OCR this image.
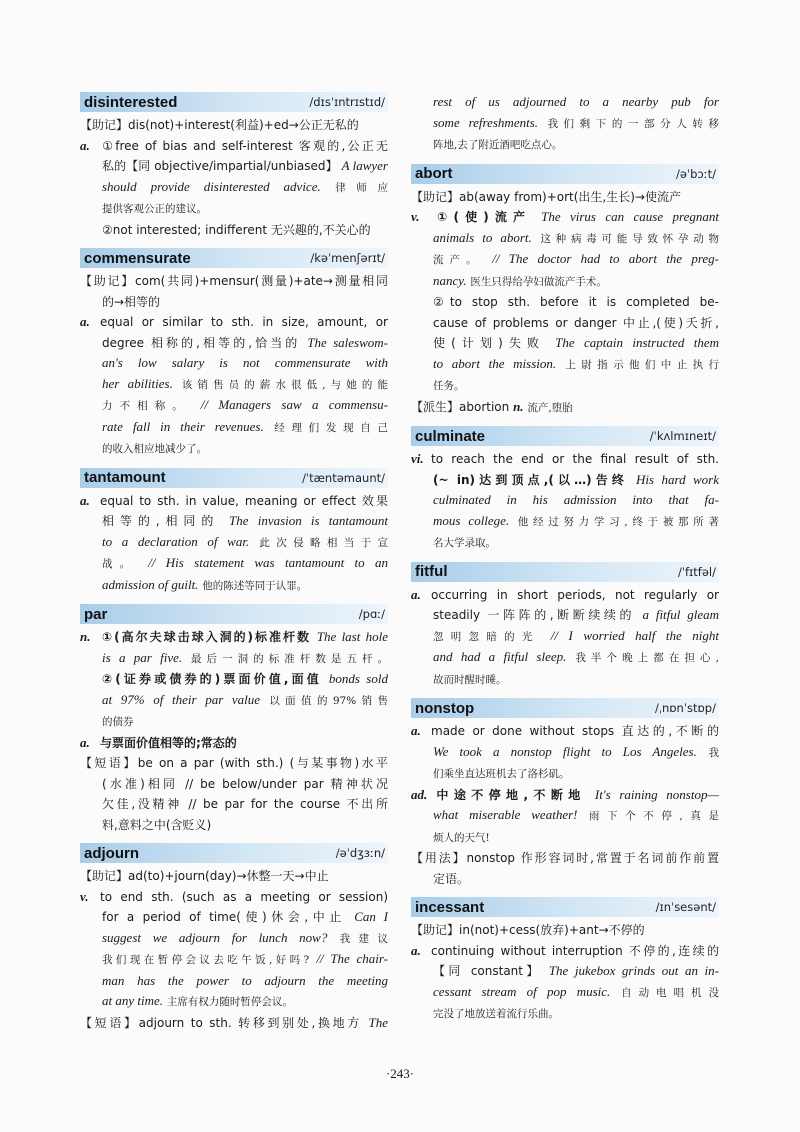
disinterested	/dɪsˈɪntrɪstɪd/
【助记】dis(not)+interest(利益)+ed→公正无私的
a. ①free of bias and self-interest 客观的,公正无
私的【同 objective/impartial/unbiased】 A lawyer
should provide disinterested advice. 律师应
提供客观公正的建议。
②not interested; indifferent 无兴趣的,不关心的
commensurate	/kəˈmenʃərɪt/
【助记】com(共同)+mensur(测量)+ate→测量相同
的→相等的
a. equal or similar to sth. in size, amount, or
degree 相称的,相等的,恰当的 The saleswom-
an's low salary is not commensurate with
her abilities. 该销售员的薪水很低,与她的能
力不相称。 // Managers saw a commensu-
rate fall in their revenues. 经理们发现自己
的收入相应地减少了。
tantamount	/ˈtæntəmaunt/
a. equal to sth. in value, meaning or effect 效果
相等的,相同的 The invasion is tantamount
to a declaration of war. 此次侵略相当于宣
战。 // His statement was tantamount to an
admission of guilt. 他的陈述等同于认罪。
par	/pɑː/
n. ①(高尔夫球击球入洞的)标准杆数 The last hole
is a par five. 最后一洞的标准杆数是五杆。
②(证券或债券的)票面价值,面值 bonds sold
at 97% of their par value 以面值的97%销售
的债券
a. 与票面价值相等的;常态的
【短语】be on a par (with sth.) (与某事物)水平
(水准)相同 // be below/under par 精神状况
欠佳,没精神 // be par for the course 不出所
料,意料之中(含贬义)
adjourn	/əˈdʒɜːn/
【助记】ad(to)+journ(day)→休整一天→中止
v. to end sth. (such as a meeting or session)
for a period of time(使)休会,中止 Can I
suggest we adjourn for lunch now? 我建议
我们现在暂停会议去吃午饭,好吗? // The chair-
man has the power to adjourn the meeting
at any time. 主席有权力随时暂停会议。
【短语】adjourn to sth. 转移到别处,换地方 The
rest of us adjourned to a nearby pub for
some refreshments. 我们剩下的一部分人转移
阵地,去了附近酒吧吃点心。
abort	/əˈbɔːt/
【助记】ab(away from)+ort(出生,生长)→使流产
v. ①(使)流产 The virus can cause pregnant
animals to abort. 这种病毒可能导致怀孕动物
流产。 // The doctor had to abort the preg-
nancy. 医生只得给孕妇做流产手术。
②to stop sth. before it is completed be-
cause of problems or danger 中止,(使)夭折,
使(计划)失败 The captain instructed them
to abort the mission. 上尉指示他们中止执行
任务。
【派生】abortion n. 流产,堕胎
culminate	/ˈkʌlmɪneɪt/
vi. to reach the end or the final result of sth.
(~ in)达到顶点,(以…)告终 His hard work
culminated in his admission into that fa-
mous college. 他经过努力学习,终于被那所著
名大学录取。
fitful	/ˈfɪtfəl/
a. occurring in short periods, not regularly or
steadily 一阵阵的,断断续续的 a fitful gleam
忽明忽暗的光 // I worried half the night
and had a fitful sleep. 我半个晚上都在担心,
故而时醒时睡。
nonstop	/ˌnɒnˈstɒp/
a. made or done without stops 直达的,不断的
We took a nonstop flight to Los Angeles. 我
们乘坐直达班机去了洛杉矶。
ad. 中途不停地,不断地 It's raining nonstop—
what miserable weather! 雨下个不停,真是
烦人的天气!
【用法】nonstop 作形容词时,常置于名词前作前置
定语。
incessant	/ɪnˈsesənt/
【助记】in(not)+cess(放弃)+ant→不停的
a. continuing without interruption 不停的,连续的
【同 constant】 The jukebox grinds out an in-
cessant stream of pop music. 自动电唱机没
完没了地放送着流行乐曲。
·243·
